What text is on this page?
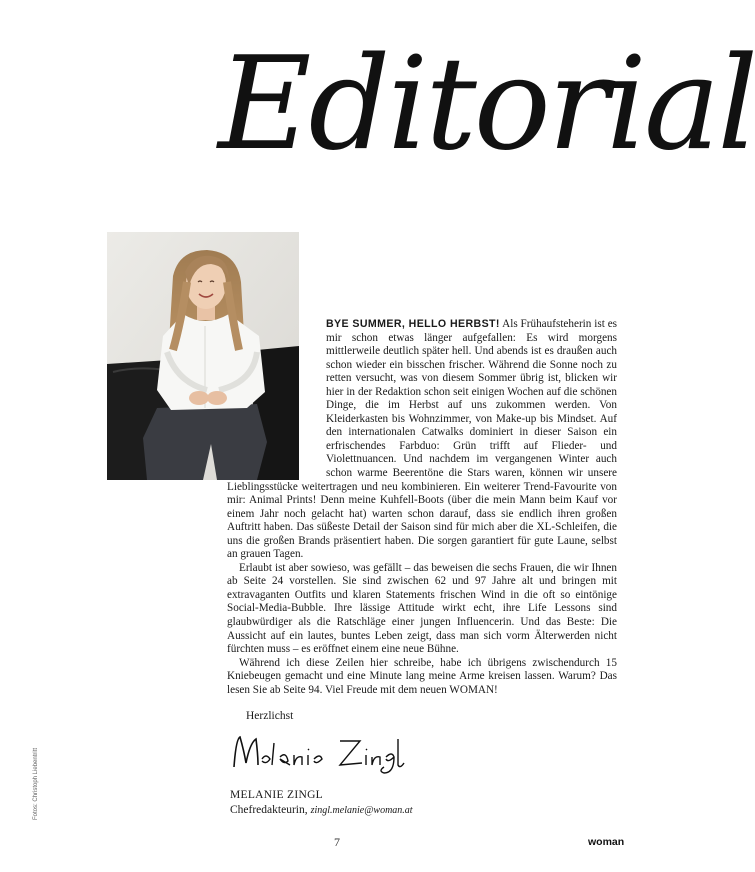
Editorial

BYE SUMMER, HELLO HERBST! Als Frühaufsteherin ist es mir schon etwas länger aufgefallen: Es wird morgens mittlerweile deutlich später hell. Und abends ist es draußen auch schon wieder ein bisschen frischer. Während die Sonne noch zu retten versucht, was von diesem Sommer übrig ist, blicken wir hier in der Redaktion schon seit einigen Wochen auf die schönen Dinge, die im Herbst auf uns zukommen werden. Von Kleiderkasten bis Wohnzimmer, von Make-up bis Mindset. Auf den internationalen Catwalks dominiert in dieser Saison ein erfrischendes Farbduo: Grün trifft auf Flieder- und Violettnuancen. Und nachdem im vergangenen Winter auch schon warme Beerentöne die Stars waren, können wir unsere Lieblingsstücke weitertragen und neu kombinieren. Ein weiterer Trend-Favourite von mir: Animal Prints! Denn meine Kuhfell-Boots (über die mein Mann beim Kauf vor einem Jahr noch gelacht hat) warten schon darauf, dass sie endlich ihren großen Auftritt haben. Das süßeste Detail der Saison sind für mich aber die XL-Schleifen, die uns die großen Brands präsentiert haben. Die sorgen garantiert für gute Laune, selbst an grauen Tagen.

Erlaubt ist aber sowieso, was gefällt – das beweisen die sechs Frauen, die wir Ihnen ab Seite 24 vorstellen. Sie sind zwischen 62 und 97 Jahre alt und bringen mit extravaganten Outfits und klaren Statements frischen Wind in die oft so eintönige Social-Media-Bubble. Ihre lässige Attitude wirkt echt, ihre Life Lessons sind glaubwürdiger als die Ratschläge einer jungen Influencerin. Und das Beste: Die Aussicht auf ein lautes, buntes Leben zeigt, dass man sich vorm Älterwerden nicht fürchten muss – es eröffnet einem eine neue Bühne.

Während ich diese Zeilen hier schreibe, habe ich übrigens zwischendurch 15 Kniebeugen gemacht und eine Minute lang meine Arme kreisen lassen. Warum? Das lesen Sie ab Seite 94. Viel Freude mit dem neuen WOMAN!

Herzlichst
MELANIE ZINGL
Chefredakteurin, zingl.melanie@woman.at
Fotos: Christoph Liebentritt
7	woman
